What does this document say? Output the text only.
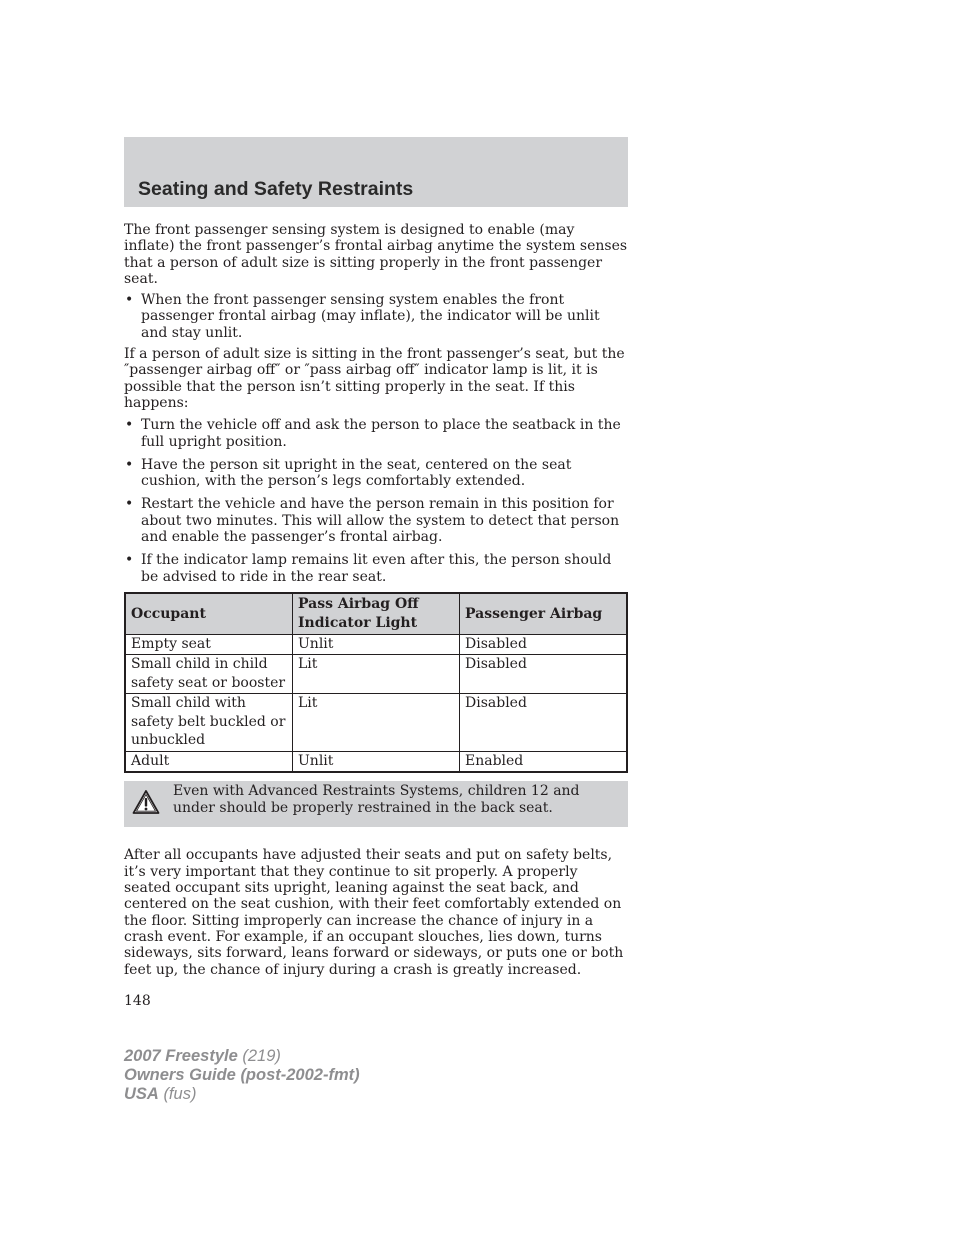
Seating and Safety Restraints

The front passenger sensing system is designed to enable (may inflate) the front passenger’s frontal airbag anytime the system senses that a person of adult size is sitting properly in the front passenger seat.

• When the front passenger sensing system enables the front passenger frontal airbag (may inflate), the indicator will be unlit and stay unlit.

If a person of adult size is sitting in the front passenger’s seat, but the ″passenger airbag off″ or ″pass airbag off″ indicator lamp is lit, it is possible that the person isn’t sitting properly in the seat. If this happens:

• Turn the vehicle off and ask the person to place the seatback in the full upright position.
• Have the person sit upright in the seat, centered on the seat cushion, with the person’s legs comfortably extended.
• Restart the vehicle and have the person remain in this position for about two minutes. This will allow the system to detect that person and enable the passenger’s frontal airbag.
• If the indicator lamp remains lit even after this, the person should be advised to ride in the rear seat.
Occupant	Pass Airbag Off Indicator Light	Passenger Airbag
Empty seat	Unlit	Disabled
Small child in child safety seat or booster	Lit	Disabled
Small child with safety belt buckled or unbuckled	Lit	Disabled
Adult	Unlit	Enabled
Even with Advanced Restraints Systems, children 12 and under should be properly restrained in the back seat.

After all occupants have adjusted their seats and put on safety belts, it’s very important that they continue to sit properly. A properly seated occupant sits upright, leaning against the seat back, and centered on the seat cushion, with their feet comfortably extended on the floor. Sitting improperly can increase the chance of injury in a crash event. For example, if an occupant slouches, lies down, turns sideways, sits forward, leans forward or sideways, or puts one or both feet up, the chance of injury during a crash is greatly increased.

148

2007 Freestyle (219)
Owners Guide (post-2002-fmt)
USA (fus)
